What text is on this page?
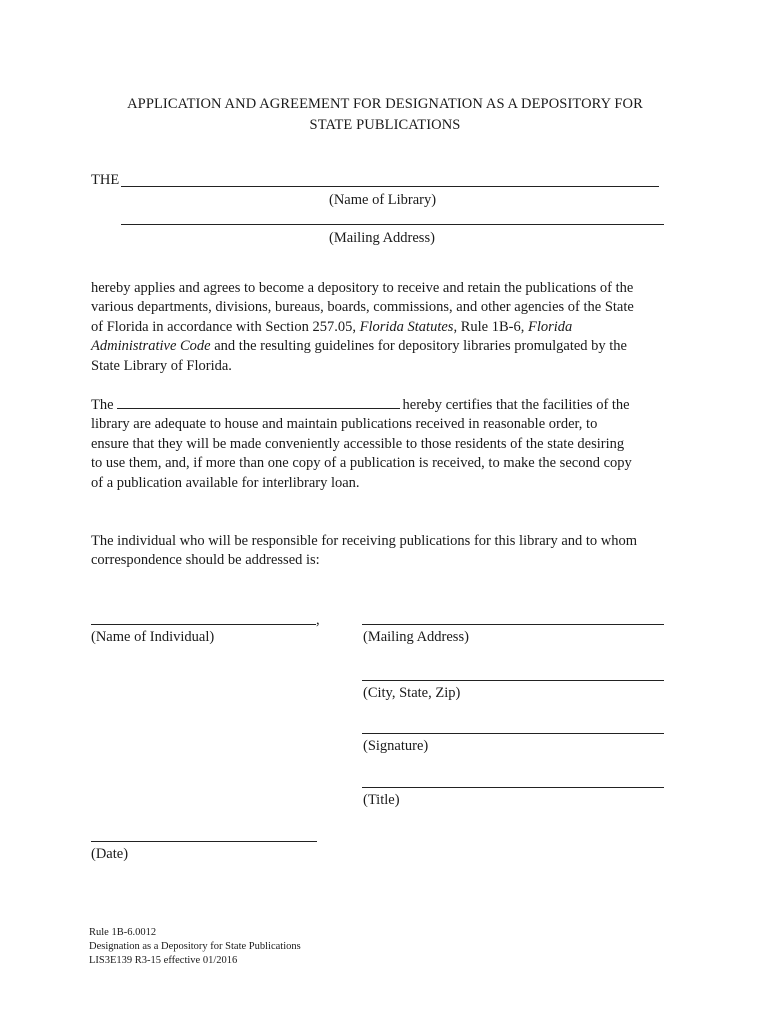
APPLICATION AND AGREEMENT FOR DESIGNATION AS A DEPOSITORY FOR
STATE PUBLICATIONS
THE
(Name of Library)
(Mailing Address)

hereby applies and agrees to become a depository to receive and retain the publications of the

various departments, divisions, bureaus, boards, commissions, and other agencies of the State

of Florida in accordance with Section 257.05, Florida Statutes, Rule 1B-6, Florida

Administrative Code and the resulting guidelines for depository libraries promulgated by the

State Library of Florida.

The	hereby certifies that the facilities of the

library are adequate to house and maintain publications received in reasonable order, to

ensure that they will be made conveniently accessible to those residents of the state desiring

to use them, and, if more than one copy of a publication is received, to make the second copy

of a publication available for interlibrary loan.

The individual who will be responsible for receiving publications for this library and to whom

correspondence should be addressed is:

,
(Name of Individual)
(Date)
(Mailing Address)
(City, State, Zip)
(Signature)
(Title)
Rule 1B-6.0012
Designation as a Depository for State Publications
LIS3E139 R3-15 effective 01/2016
